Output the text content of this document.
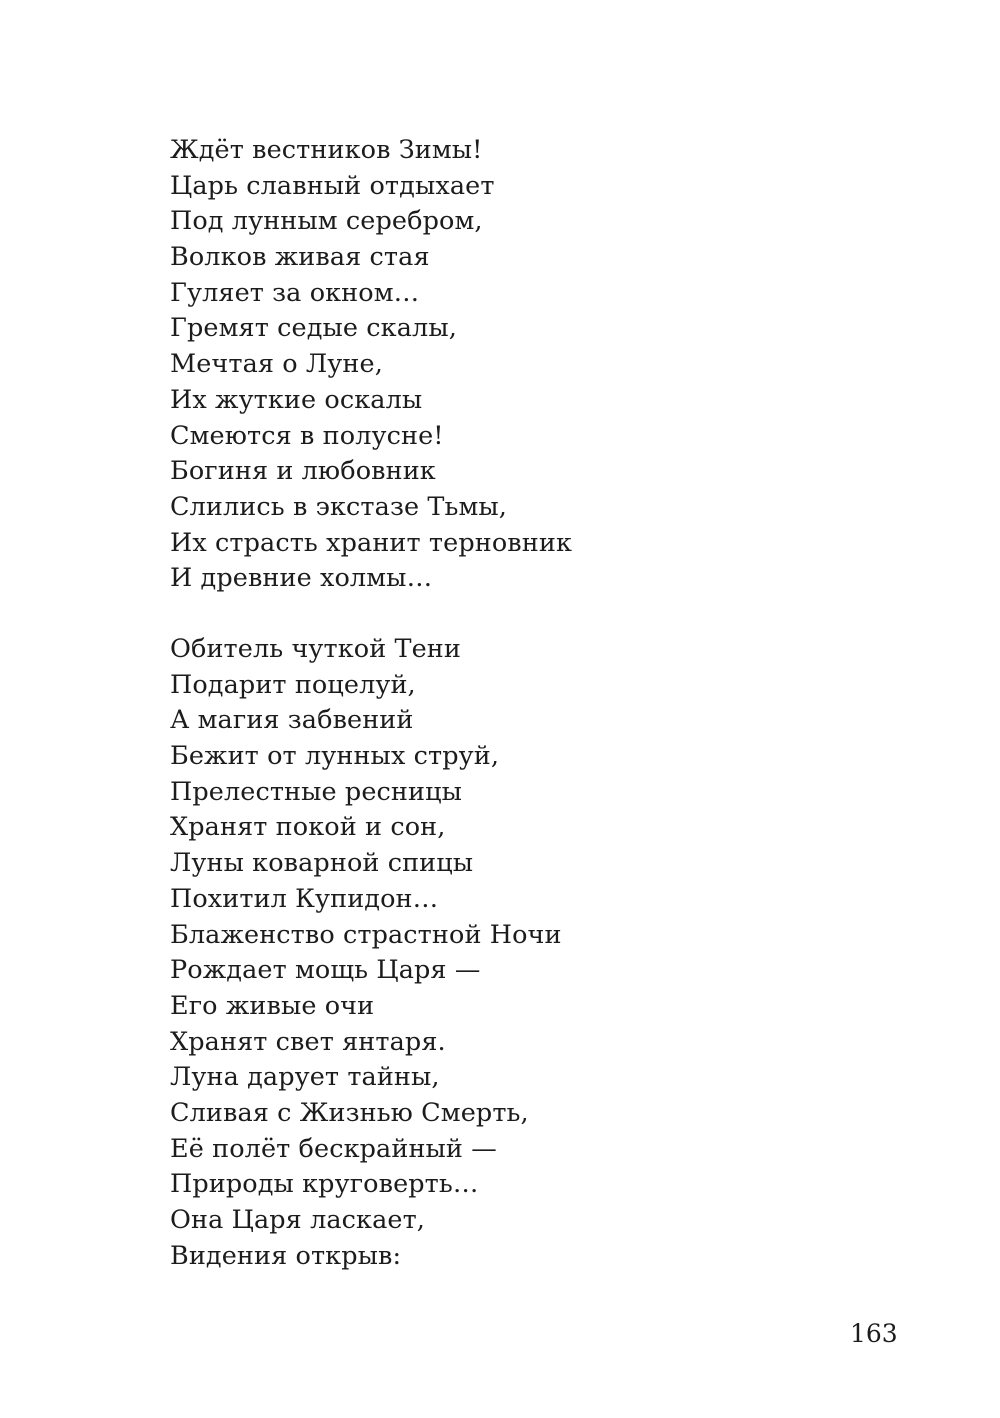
Ждёт вестников Зимы!
Царь славный отдыхает
Под лунным серебром,
Волков живая стая
Гуляет за окном…
Гремят седые скалы,
Мечтая о Луне,
Их жуткие оскалы
Смеются в полусне!
Богиня и любовник
Слились в экстазе Тьмы,
Их страсть хранит терновник
И древние холмы…
Обитель чуткой Тени
Подарит поцелуй,
А магия забвений
Бежит от лунных струй,
Прелестные ресницы
Хранят покой и сон,
Луны коварной спицы
Похитил Купидон…
Блаженство страстной Ночи
Рождает мощь Царя —
Его живые очи
Хранят свет янтаря.
Луна дарует тайны,
Сливая с Жизнью Смерть,
Её полёт бескрайный —
Природы круговерть…
Она Царя ласкает,
Видения открыв:
163
